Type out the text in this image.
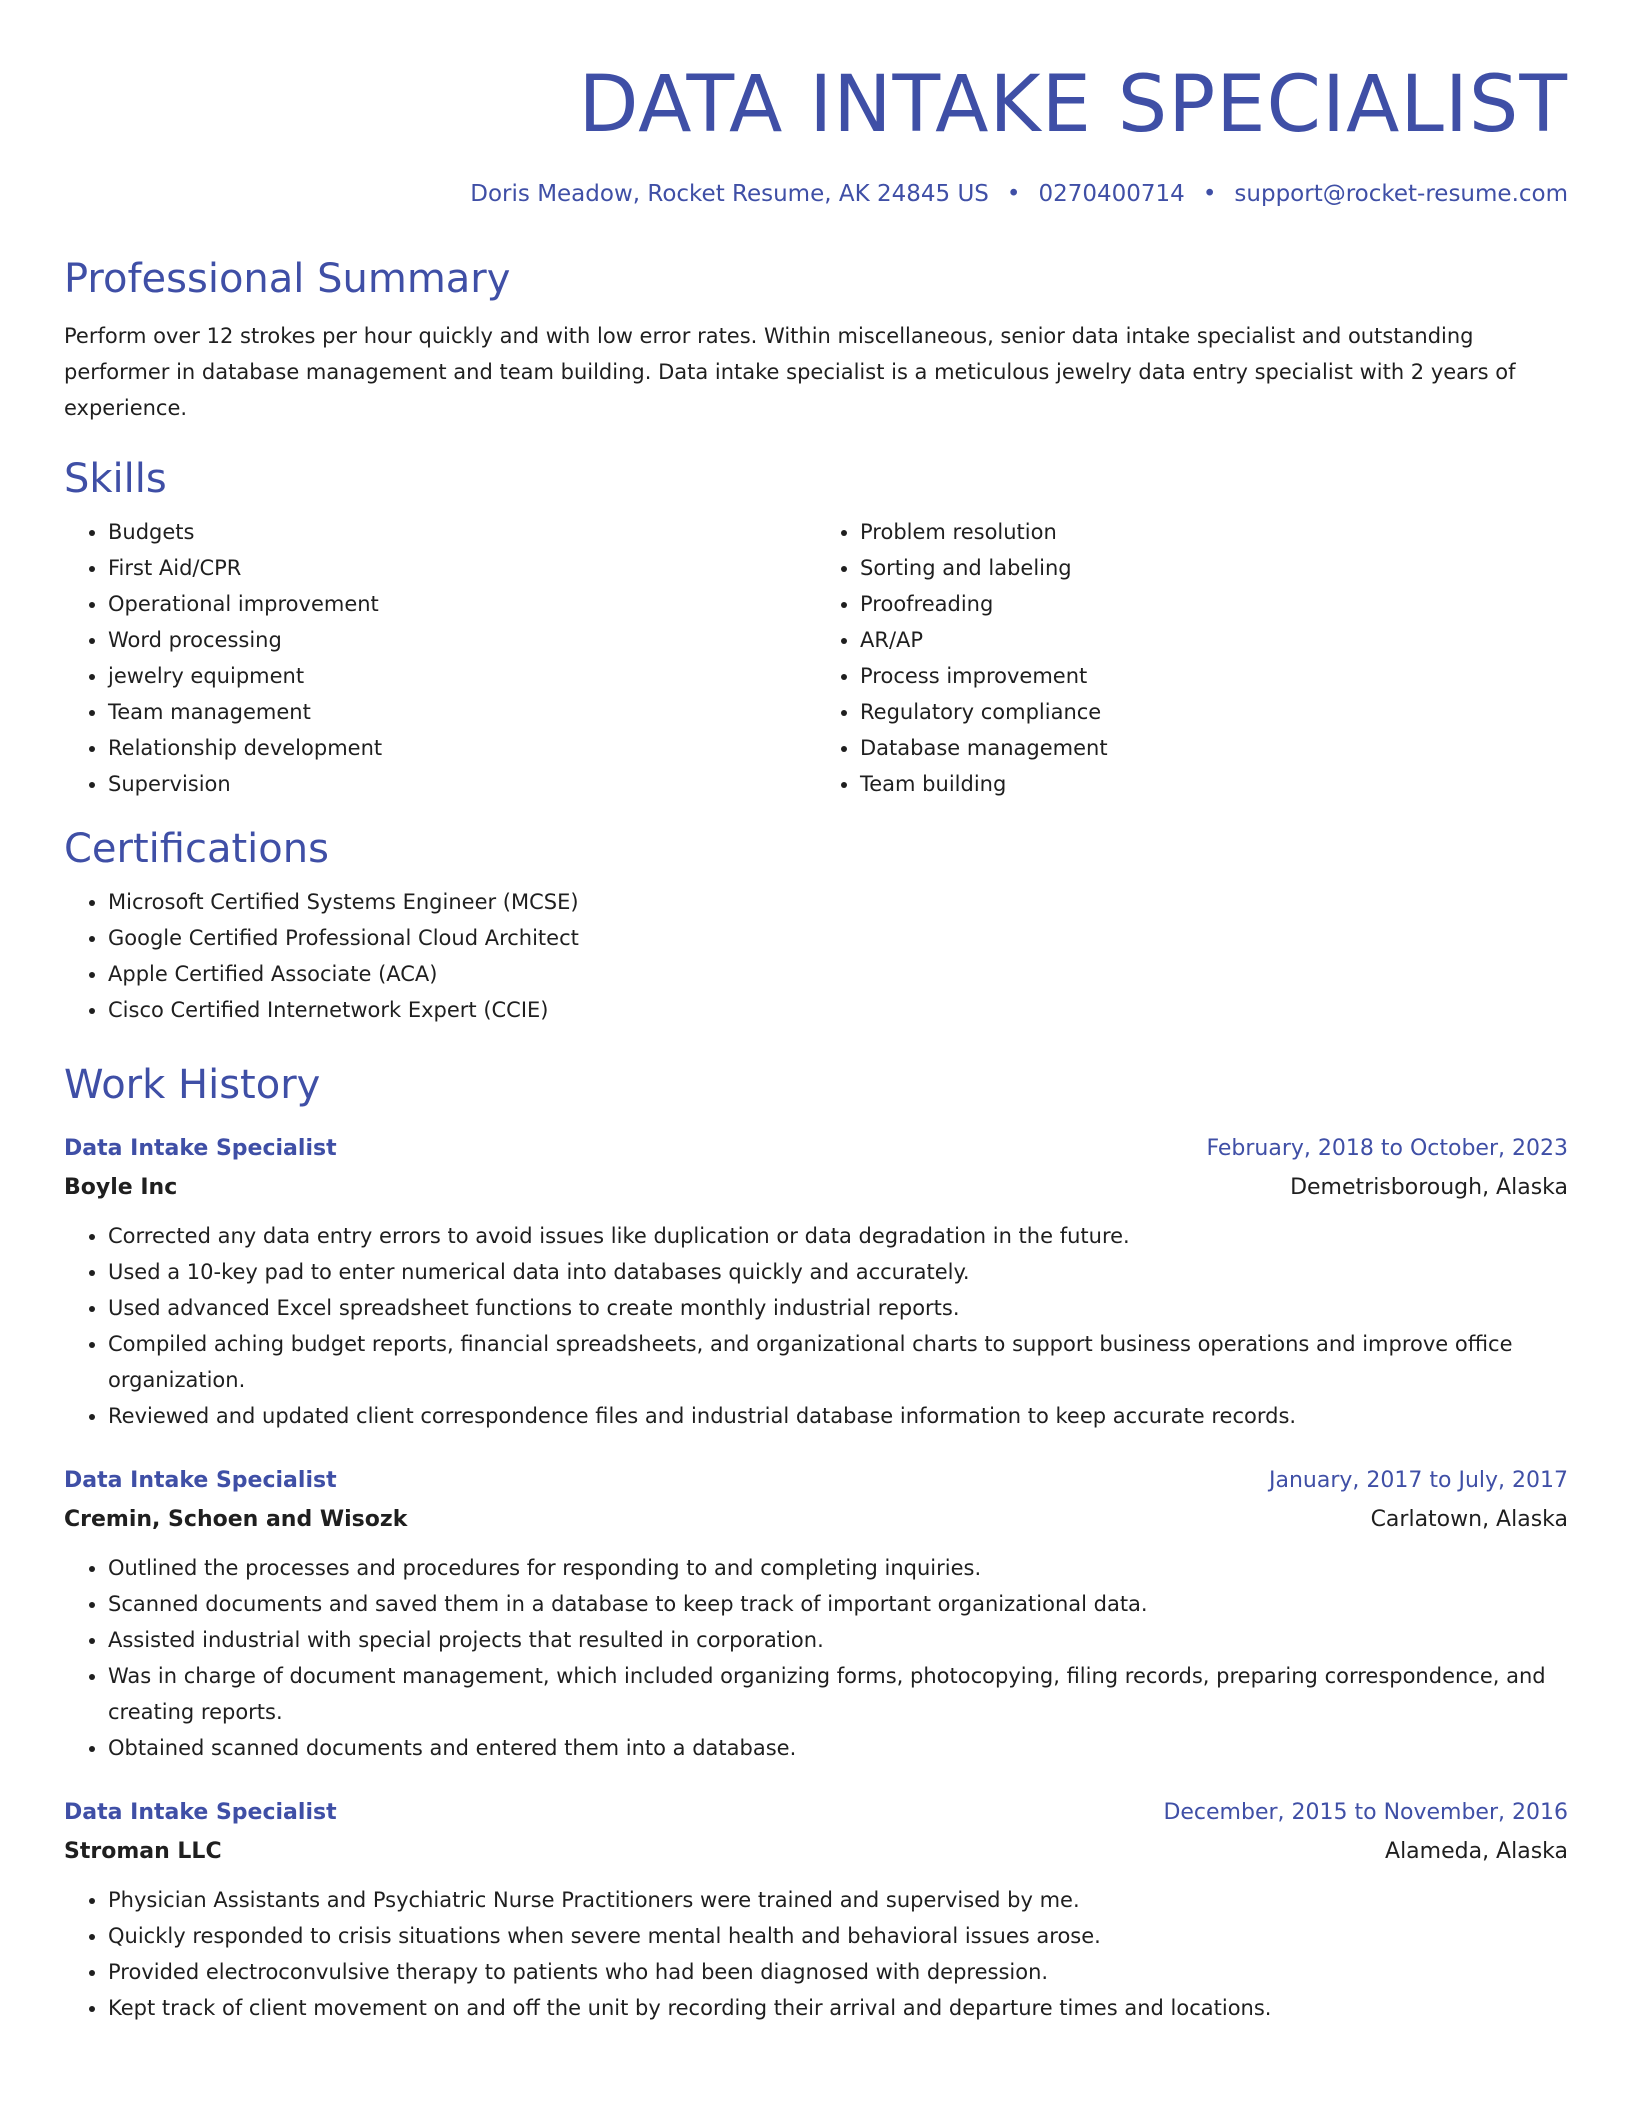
DATA INTAKE SPECIALIST
Doris Meadow, Rocket Resume, AK 24845 US • 0270400714 • support@rocket-resume.com
Professional Summary
Perform over 12 strokes per hour quickly and with low error rates. Within miscellaneous, senior data intake specialist and outstanding performer in database management and team building. Data intake specialist is a meticulous jewelry data entry specialist with 2 years of experience.
Skills
• Budgets
• First Aid/CPR
• Operational improvement
• Word processing
• jewelry equipment
• Team management
• Relationship development
• Supervision
• Problem resolution
• Sorting and labeling
• Proofreading
• AR/AP
• Process improvement
• Regulatory compliance
• Database management
• Team building
Certifications
• Microsoft Certified Systems Engineer (MCSE)
• Google Certified Professional Cloud Architect
• Apple Certified Associate (ACA)
• Cisco Certified Internetwork Expert (CCIE)
Work History
Data Intake Specialist	February, 2018 to October, 2023
Boyle Inc	Demetrisborough, Alaska
• Corrected any data entry errors to avoid issues like duplication or data degradation in the future.
• Used a 10-key pad to enter numerical data into databases quickly and accurately.
• Used advanced Excel spreadsheet functions to create monthly industrial reports.
• Compiled aching budget reports, financial spreadsheets, and organizational charts to support business operations and improve office organization.
• Reviewed and updated client correspondence files and industrial database information to keep accurate records.
Data Intake Specialist	January, 2017 to July, 2017
Cremin, Schoen and Wisozk	Carlatown, Alaska
• Outlined the processes and procedures for responding to and completing inquiries.
• Scanned documents and saved them in a database to keep track of important organizational data.
• Assisted industrial with special projects that resulted in corporation.
• Was in charge of document management, which included organizing forms, photocopying, filing records, preparing correspondence, and creating reports.
• Obtained scanned documents and entered them into a database.
Data Intake Specialist	December, 2015 to November, 2016
Stroman LLC	Alameda, Alaska
• Physician Assistants and Psychiatric Nurse Practitioners were trained and supervised by me.
• Quickly responded to crisis situations when severe mental health and behavioral issues arose.
• Provided electroconvulsive therapy to patients who had been diagnosed with depression.
• Kept track of client movement on and off the unit by recording their arrival and departure times and locations.
